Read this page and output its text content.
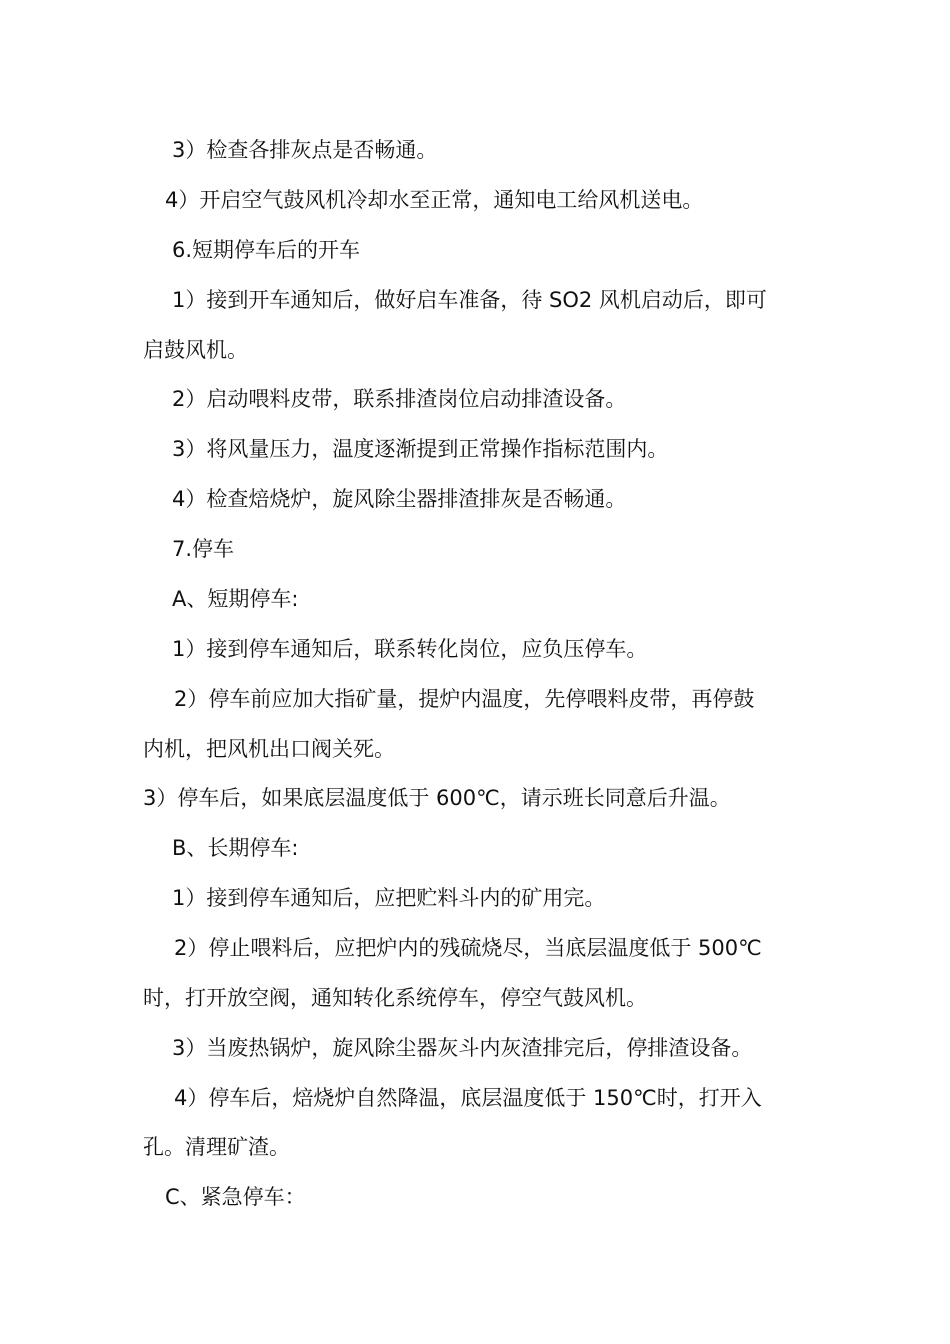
3）检查各排灰点是否畅通。
4）开启空气鼓风机冷却水至正常，通知电工给风机送电。
6.短期停车后的开车
1）接到开车通知后，做好启车准备，待 SO2 风机启动后，即可
启鼓风机。
2）启动喂料皮带，联系排渣岗位启动排渣设备。
3）将风量压力，温度逐渐提到正常操作指标范围内。
4）检查焙烧炉，旋风除尘器排渣排灰是否畅通。
7.停车
A、短期停车:
1）接到停车通知后，联系转化岗位，应负压停车。
2）停车前应加大指矿量，提炉内温度，先停喂料皮带，再停鼓
内机，把风机出口阀关死。
3）停车后，如果底层温度低于 600℃，请示班长同意后升温。
B、长期停车:
1）接到停车通知后，应把贮料斗内的矿用完。
2）停止喂料后，应把炉内的残硫烧尽，当底层温度低于 500℃
时，打开放空阀，通知转化系统停车，停空气鼓风机。
3）当废热锅炉，旋风除尘器灰斗内灰渣排完后，停排渣设备。
4）停车后，焙烧炉自然降温，底层温度低于 150℃时，打开入
孔。清理矿渣。
C、紧急停车：
